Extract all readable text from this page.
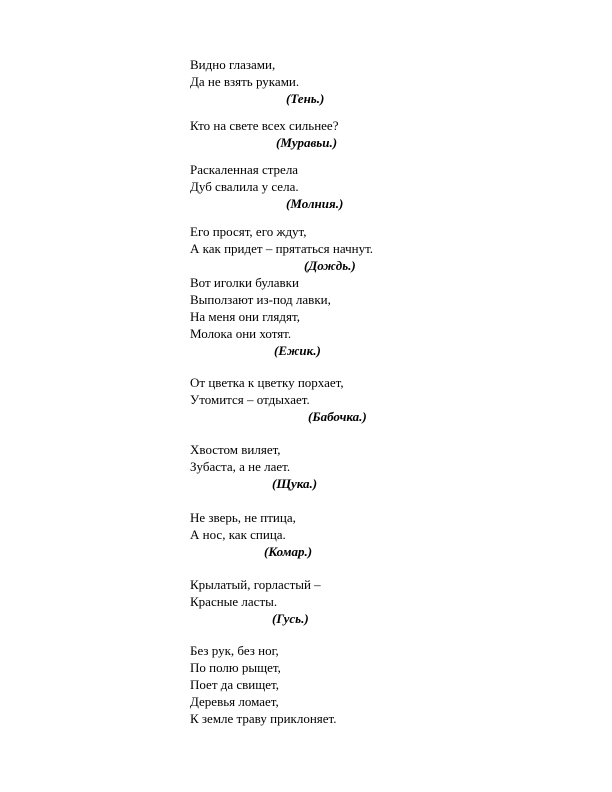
Видно глазами,
Да не взять руками.
(Тень.)
Кто на свете всех сильнее?
(Муравьи.)
Раскаленная стрела
Дуб свалила у села.
(Молния.)
Его просят, его ждут,
А как придет – прятаться начнут.
(Дождь.)
Вот иголки булавки
Выползают из-под лавки,
На меня они глядят,
Молока они хотят.
(Ежик.)
От цветка к цветку порхает,
Утомится – отдыхает.
(Бабочка.)
Хвостом виляет,
Зубаста, а не лает.
(Щука.)
Не зверь, не птица,
А нос, как спица.
(Комар.)
Крылатый, горластый –
Красные ласты.
(Гусь.)
Без рук, без ног,
По полю рыщет,
Поет да свищет,
Деревья ломает,
К земле траву приклоняет.
